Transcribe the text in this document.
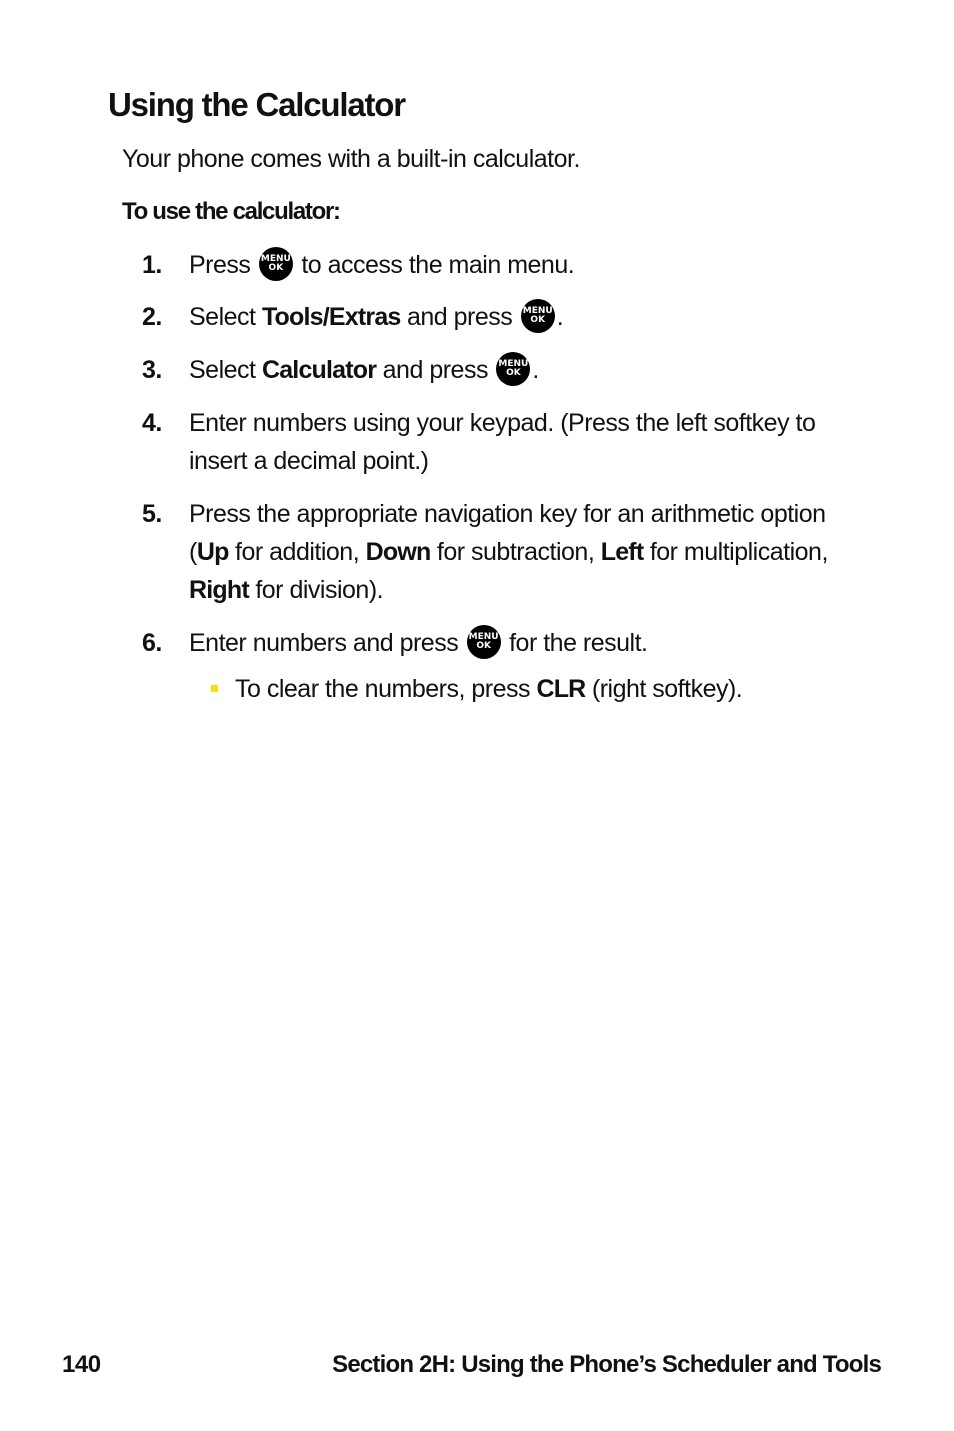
Using the Calculator
Your phone comes with a built-in calculator.
To use the calculator:
1. Press MENU
OK to access the main menu.
2. Select Tools/Extras and press MENU
OK .
3. Select Calculator and press MENU
OK .
4. Enter numbers using your keypad. (Press the left softkey to insert a decimal point.)
5. Press the appropriate navigation key for an arithmetic option (Up for addition, Down for subtraction, Left for multiplication, Right for division).
6. Enter numbers and press MENU
OK for the result.
To clear the numbers, press CLR (right softkey).
140	Section 2H: Using the Phone’s Scheduler and Tools
